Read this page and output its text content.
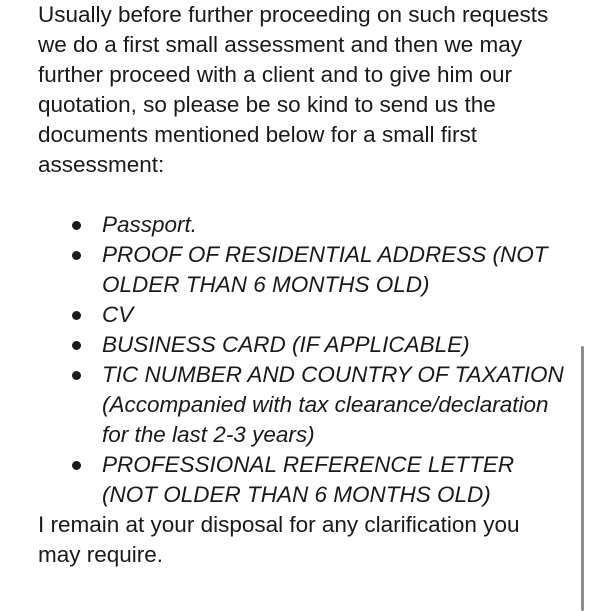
Usually before further proceeding on such requests we do a first small assessment and then we may further proceed with a client and to give him our quotation, so please be so kind to send us the documents mentioned below for a small first assessment:

Passport.
PROOF OF RESIDENTIAL ADDRESS (NOT OLDER THAN 6 MONTHS OLD)
CV
BUSINESS CARD (IF APPLICABLE)
TIC NUMBER AND COUNTRY OF TAXATION (Accompanied with tax clearance/declaration for the last 2-3 years)
PROFESSIONAL REFERENCE LETTER (NOT OLDER THAN 6 MONTHS OLD)

I remain at your disposal for any clarification you may require.
